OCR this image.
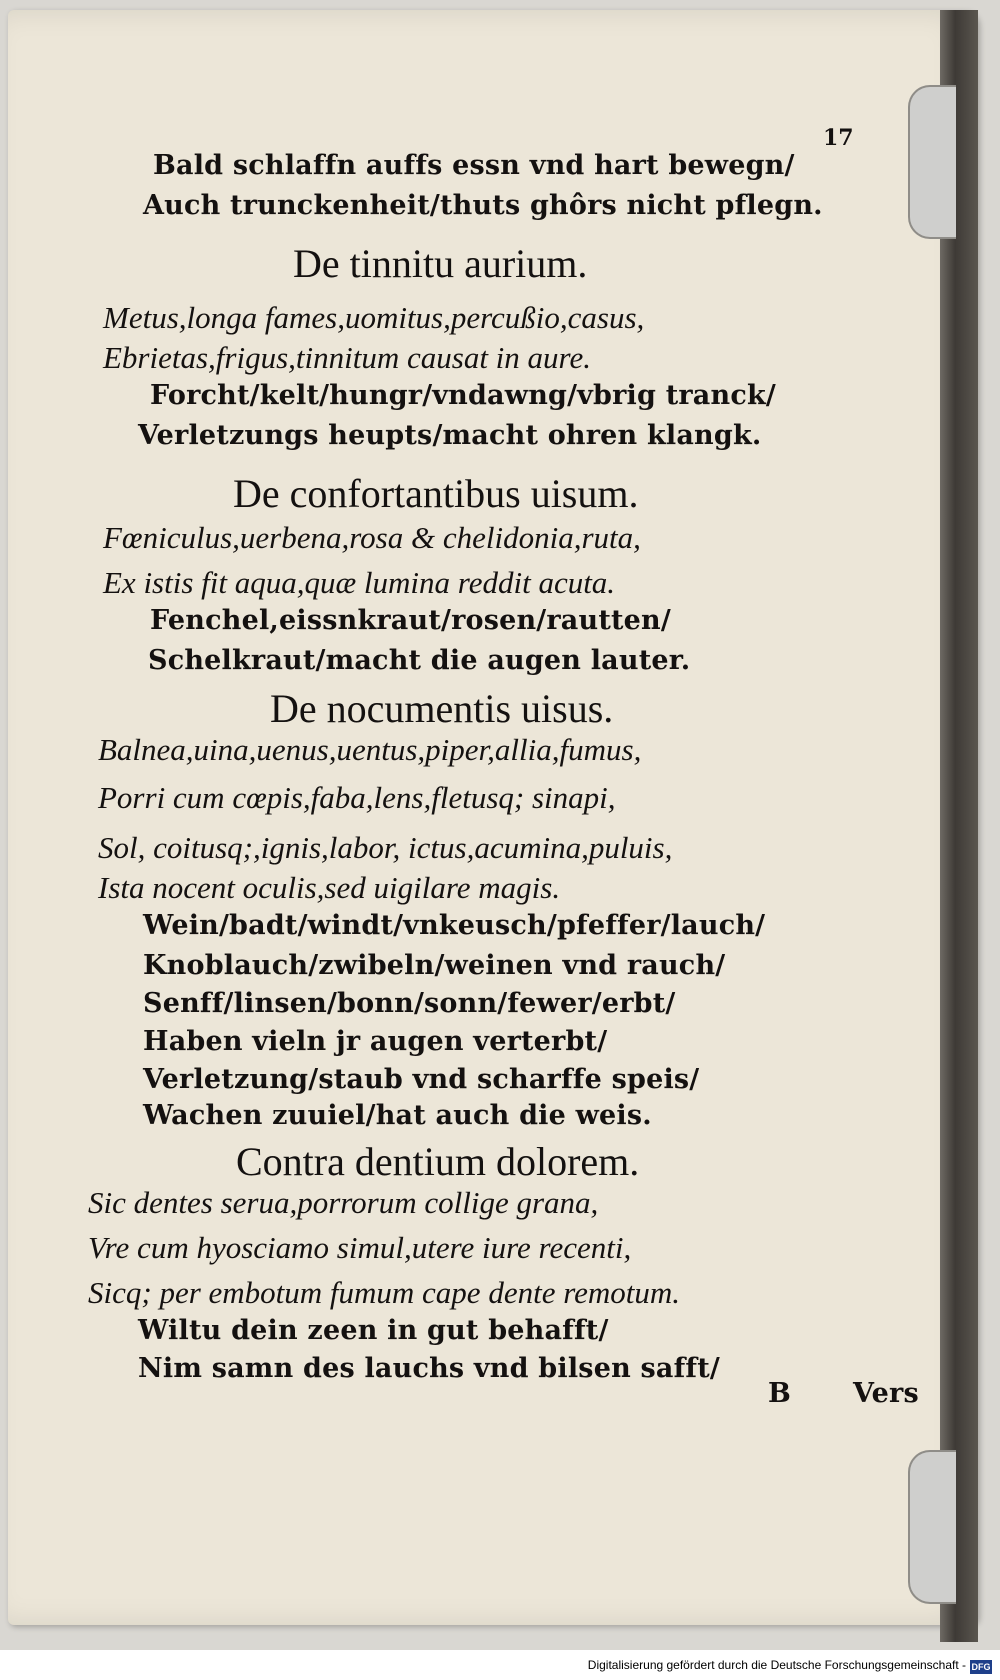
17
B Vers
Bald schlaffn auffs essn vnd hart bewegn/
Auch trunckenheit/thuts ghôrs nicht pflegn.
De tinnitu aurium.
Metus,longa fames,uomitus,percußio,casus,
Ebrietas,frigus,tinnitum causat in aure.
Forcht/kelt/hungr/vndawng/vbrig tranck/
Verletzungs heupts/macht ohren klangk.
De confortantibus uisum.
Fœniculus,uerbena,rosa & chelidonia,ruta,
Ex istis fit aqua,quæ lumina reddit acuta.
Fenchel,eissnkraut/rosen/rautten/
Schelkraut/macht die augen lauter.
De nocumentis uisus.
Balnea,uina,uenus,uentus,piper,allia,fumus,
Porri cum cœpis,faba,lens,fletusq; sinapi,
Sol, coitusq;,ignis,labor, ictus,acumina,puluis,
Ista nocent oculis,sed uigilare magis.
Wein/badt/windt/vnkeusch/pfeffer/lauch/
Knoblauch/zwibeln/weinen vnd rauch/
Senff/linsen/bonn/sonn/fewer/erbt/
Haben vieln jr augen verterbt/
Verletzung/staub vnd scharffe speis/
Wachen zuuiel/hat auch die weis.
Contra dentium dolorem.
Sic dentes serua,porrorum collige grana,
Vre cum hyosciamo simul,utere iure recenti,
Sicq; per embotum fumum cape dente remotum.
Wiltu dein zeen in gut behafft/
Nim samn des lauchs vnd bilsen safft/
Digitalisierung gefördert durch die Deutsche Forschungsgemeinschaft - DFG
